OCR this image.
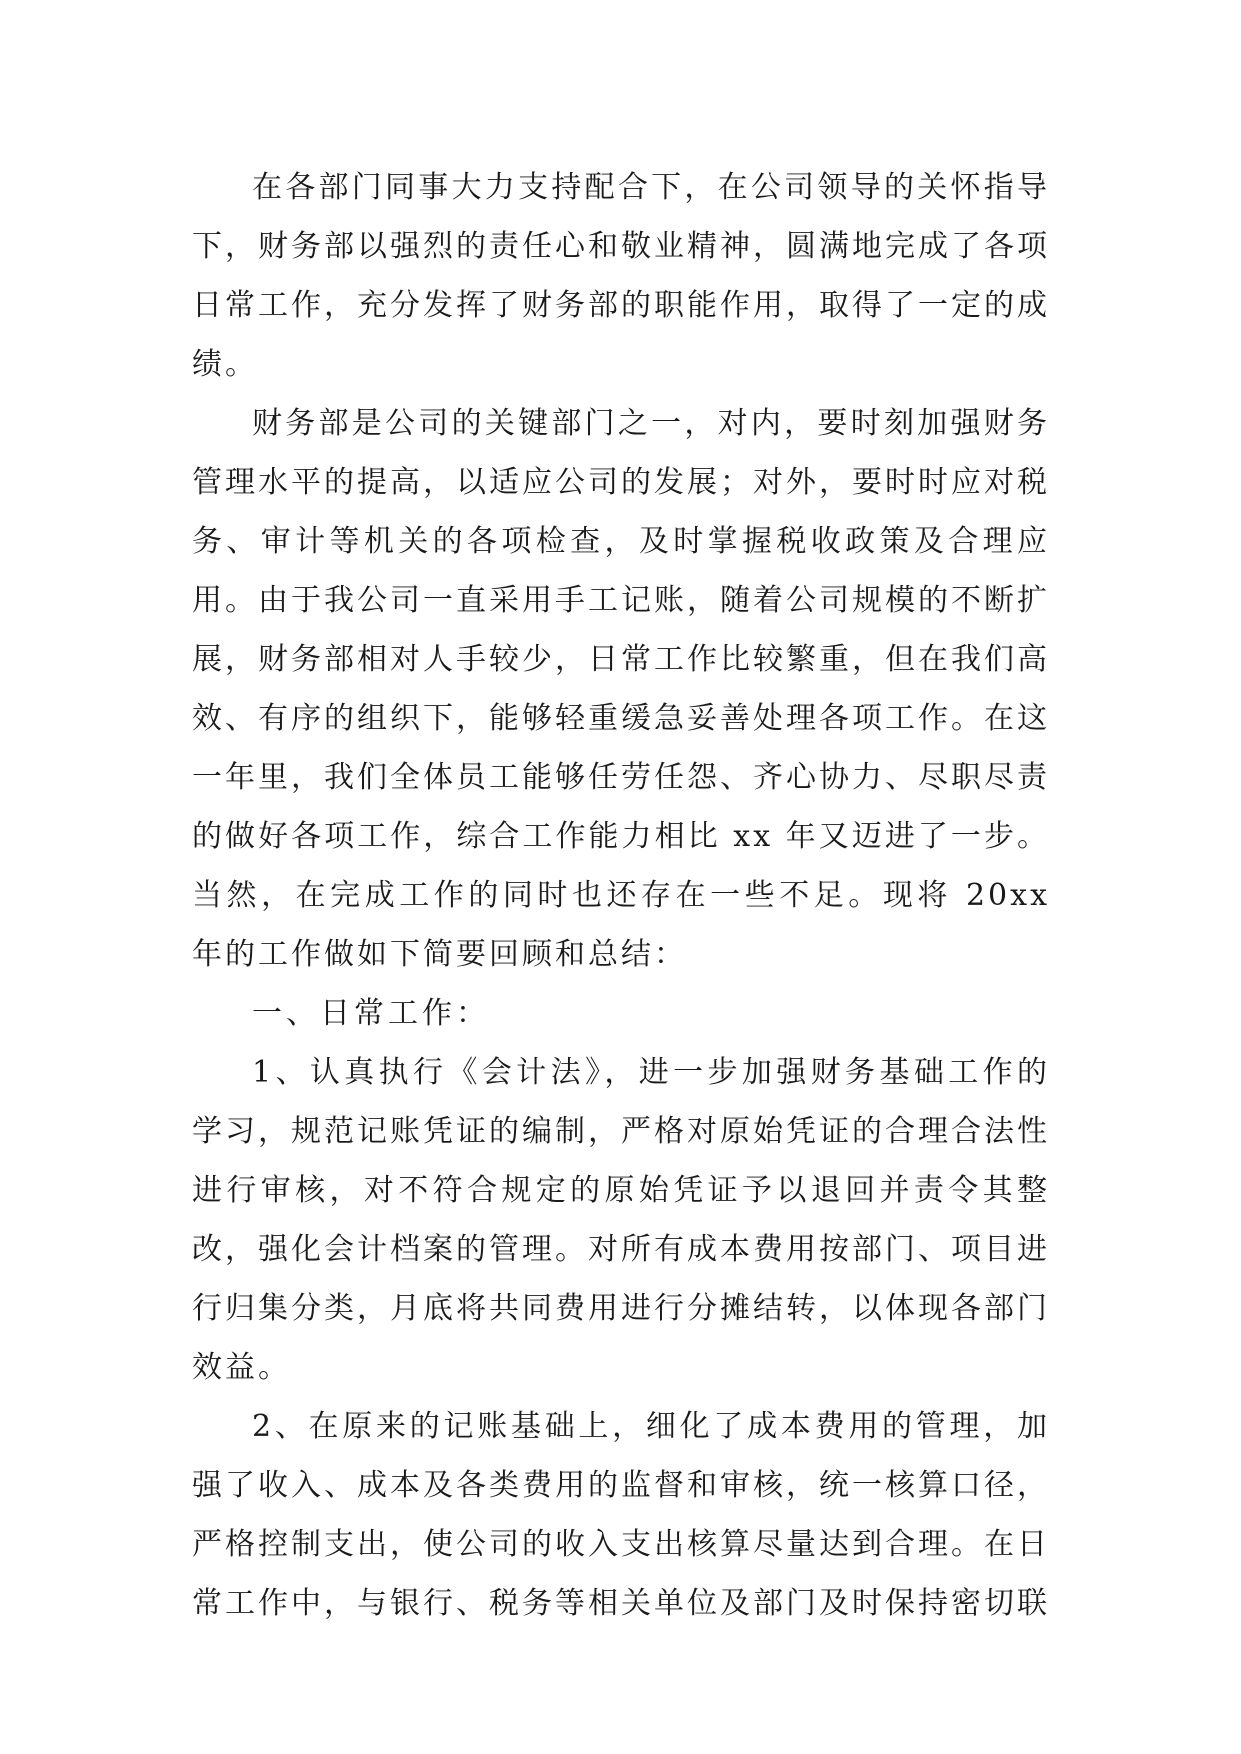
在各部门同事大力支持配合下，在公司领导的关怀指导下，财务部以强烈的责任心和敬业精神，圆满地完成了各项日常工作，充分发挥了财务部的职能作用，取得了一定的成绩。

财务部是公司的关键部门之一，对内，要时刻加强财务管理水平的提高，以适应公司的发展；对外，要时时应对税务、审计等机关的各项检查，及时掌握税收政策及合理应用。由于我公司一直采用手工记账，随着公司规模的不断扩展，财务部相对人手较少，日常工作比较繁重，但在我们高效、有序的组织下，能够轻重缓急妥善处理各项工作。在这一年里，我们全体员工能够任劳任怨、齐心协力、尽职尽责的做好各项工作，综合工作能力相比 xx 年又迈进了一步。当然，在完成工作的同时也还存在一些不足。现将 20xx 年的工作做如下简要回顾和总结：

一、日常工作：

1、认真执行《会计法》，进一步加强财务基础工作的学习，规范记账凭证的编制，严格对原始凭证的合理合法性进行审核，对不符合规定的原始凭证予以退回并责令其整改，强化会计档案的管理。对所有成本费用按部门、项目进行归集分类，月底将共同费用进行分摊结转，以体现各部门效益。

2、在原来的记账基础上，细化了成本费用的管理，加强了收入、成本及各类费用的监督和审核，统一核算口径，严格控制支出，使公司的收入支出核算尽量达到合理。在日常工作中，与银行、税务等相关单位及部门及时保持密切联
